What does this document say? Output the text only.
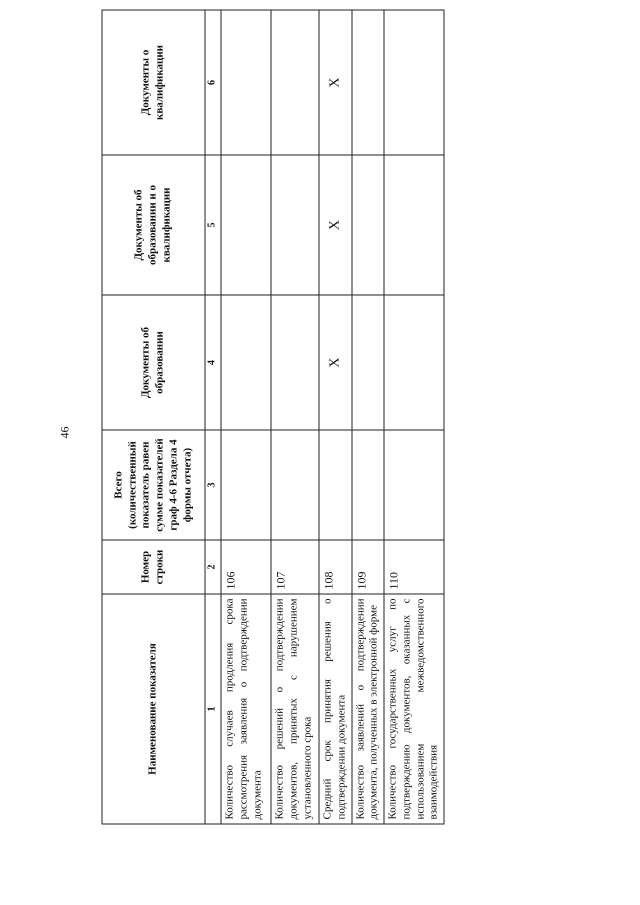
46
Наименование показателя	Номер строки	Всего (количественный показатель равен сумме показателей граф 4-6 Раздела 4 формы отчета)	Документы об образовании	Документы об образовании и о квалификации	Документы о квалификации
1	2	3	4	5	6
Количество случаев продления срока рассмотрения заявления о подтверждении документа	106				
Количество решений о подтверждении документов, принятых с нарушением установленного срока	107				
Средний срок принятия решения о подтверждении документа	108		X	X	X
Количество заявлений о подтверждении документа, полученных в электронной форме	109				
Количество государственных услуг по подтверждению документов, оказанных с использованием межведомственного взаимодействия	110				
